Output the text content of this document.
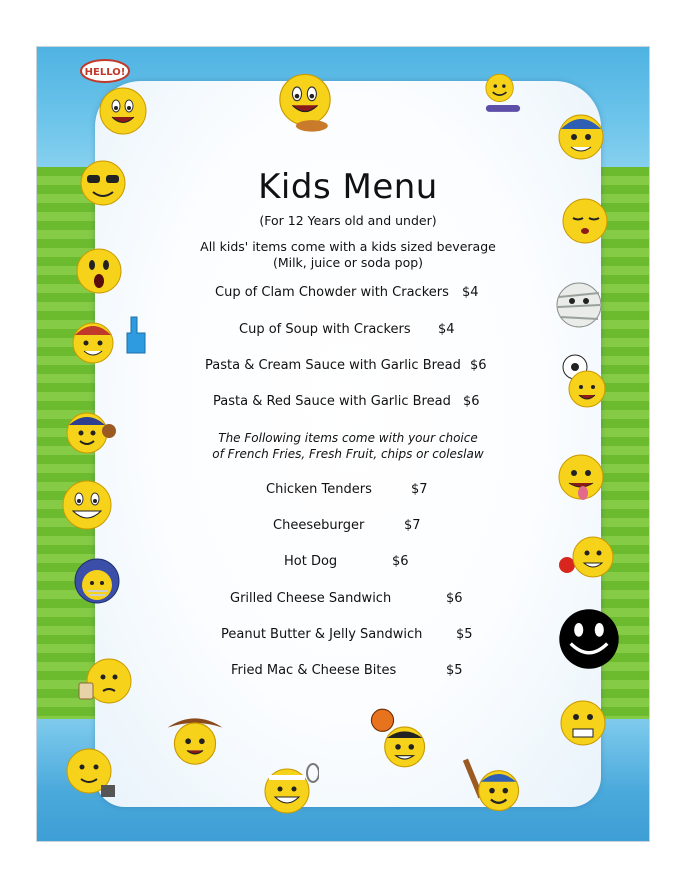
Kids Menu
(For 12 Years old and under)
All kids' items come with a kids sized beverage
(Milk, juice or soda pop)
Cup of Clam Chowder with Crackers $4
Cup of Soup with Crackers $4
Pasta & Cream Sauce with Garlic Bread $6
Pasta & Red Sauce with Garlic Bread $6
The Following items come with your choice
of French Fries, Fresh Fruit, chips or coleslaw
Chicken Tenders	$7
Cheeseburger	$7
Hot Dog	$6
Grilled Cheese Sandwich	$6
Peanut Butter & Jelly Sandwich	$5
Fried Mac & Cheese Bites	$5
HELLO!
